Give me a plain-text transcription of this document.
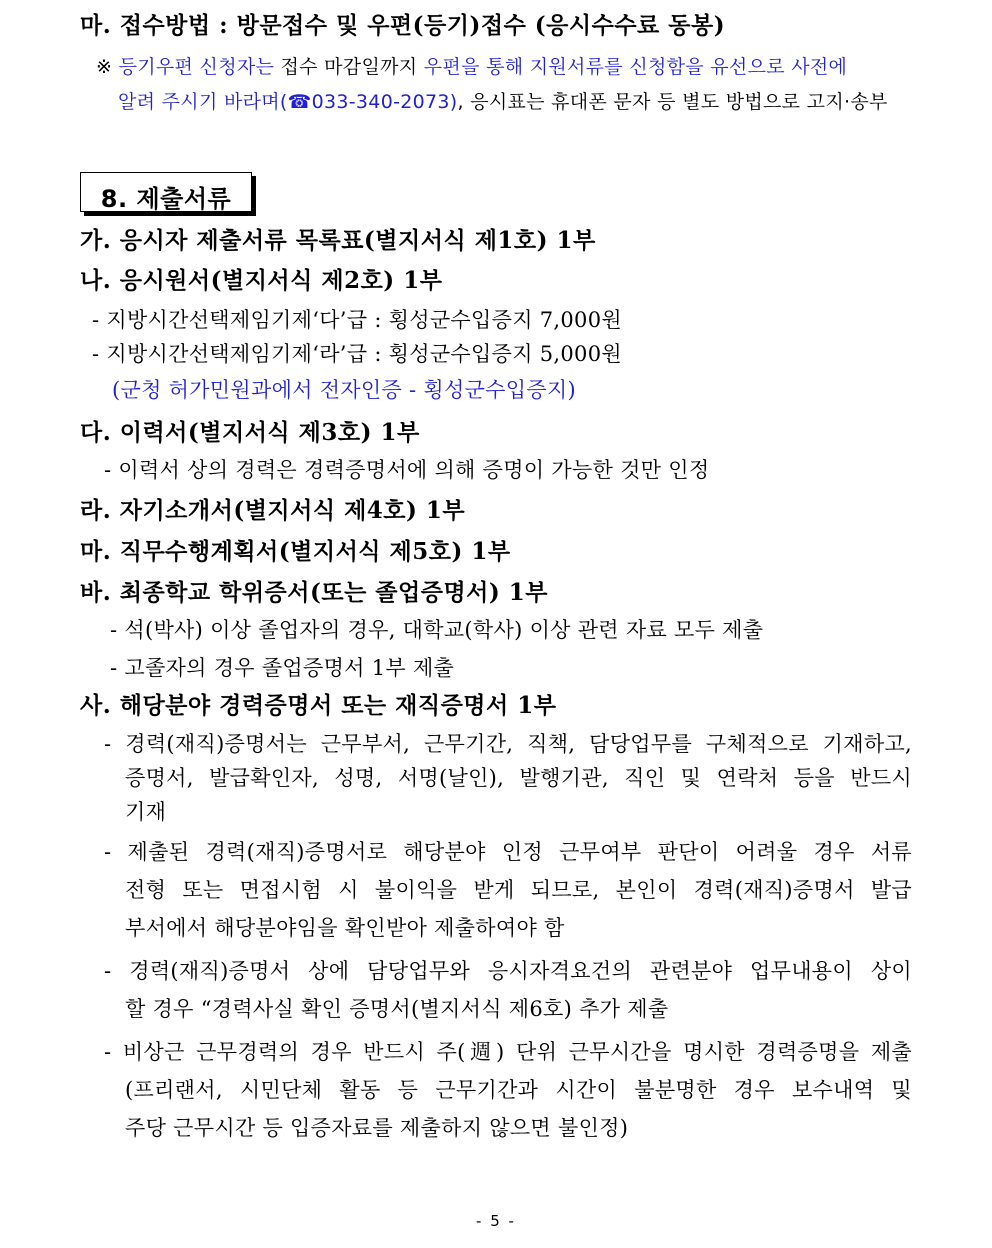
마. 접수방법 : 방문접수 및 우편(등기)접수 (응시수수료 동봉)
※ 등기우편 신청자는 접수 마감일까지 우편을 통해 지원서류를 신청함을 유선으로 사전에
알려 주시기 바라며(☎033-340-2073), 응시표는 휴대폰 문자 등 별도 방법으로 고지·송부
8. 제출서류
가. 응시자 제출서류 목록표(별지서식 제1호) 1부
나. 응시원서(별지서식 제2호) 1부
- 지방시간선택제임기제‘다’급 : 횡성군수입증지 7,000원
- 지방시간선택제임기제‘라’급 : 횡성군수입증지 5,000원
(군청 허가민원과에서 전자인증 - 횡성군수입증지)
다. 이력서(별지서식 제3호) 1부
- 이력서 상의 경력은 경력증명서에 의해 증명이 가능한 것만 인정
라. 자기소개서(별지서식 제4호) 1부
마. 직무수행계획서(별지서식 제5호) 1부
바. 최종학교 학위증서(또는 졸업증명서) 1부
- 석(박사) 이상 졸업자의 경우, 대학교(학사) 이상 관련 자료 모두 제출
- 고졸자의 경우 졸업증명서 1부 제출
사. 해당분야 경력증명서 또는 재직증명서 1부
- 경력(재직)증명서는 근무부서, 근무기간, 직책, 담당업무를 구체적으로 기재하고,
증명서, 발급확인자, 성명, 서명(날인), 발행기관, 직인 및 연락처 등을 반드시
기재
- 제출된 경력(재직)증명서로 해당분야 인정 근무여부 판단이 어려울 경우 서류
전형 또는 면접시험 시 불이익을 받게 되므로, 본인이 경력(재직)증명서 발급
부서에서 해당분야임을 확인받아 제출하여야 함
- 경력(재직)증명서 상에 담당업무와 응시자격요건의 관련분야 업무내용이 상이
할 경우 “경력사실 확인 증명서(별지서식 제6호) 추가 제출
- 비상근 근무경력의 경우 반드시 주(週) 단위 근무시간을 명시한 경력증명을 제출
(프리랜서, 시민단체 활동 등 근무기간과 시간이 불분명한 경우 보수내역 및
주당 근무시간 등 입증자료를 제출하지 않으면 불인정)
- 5 -
